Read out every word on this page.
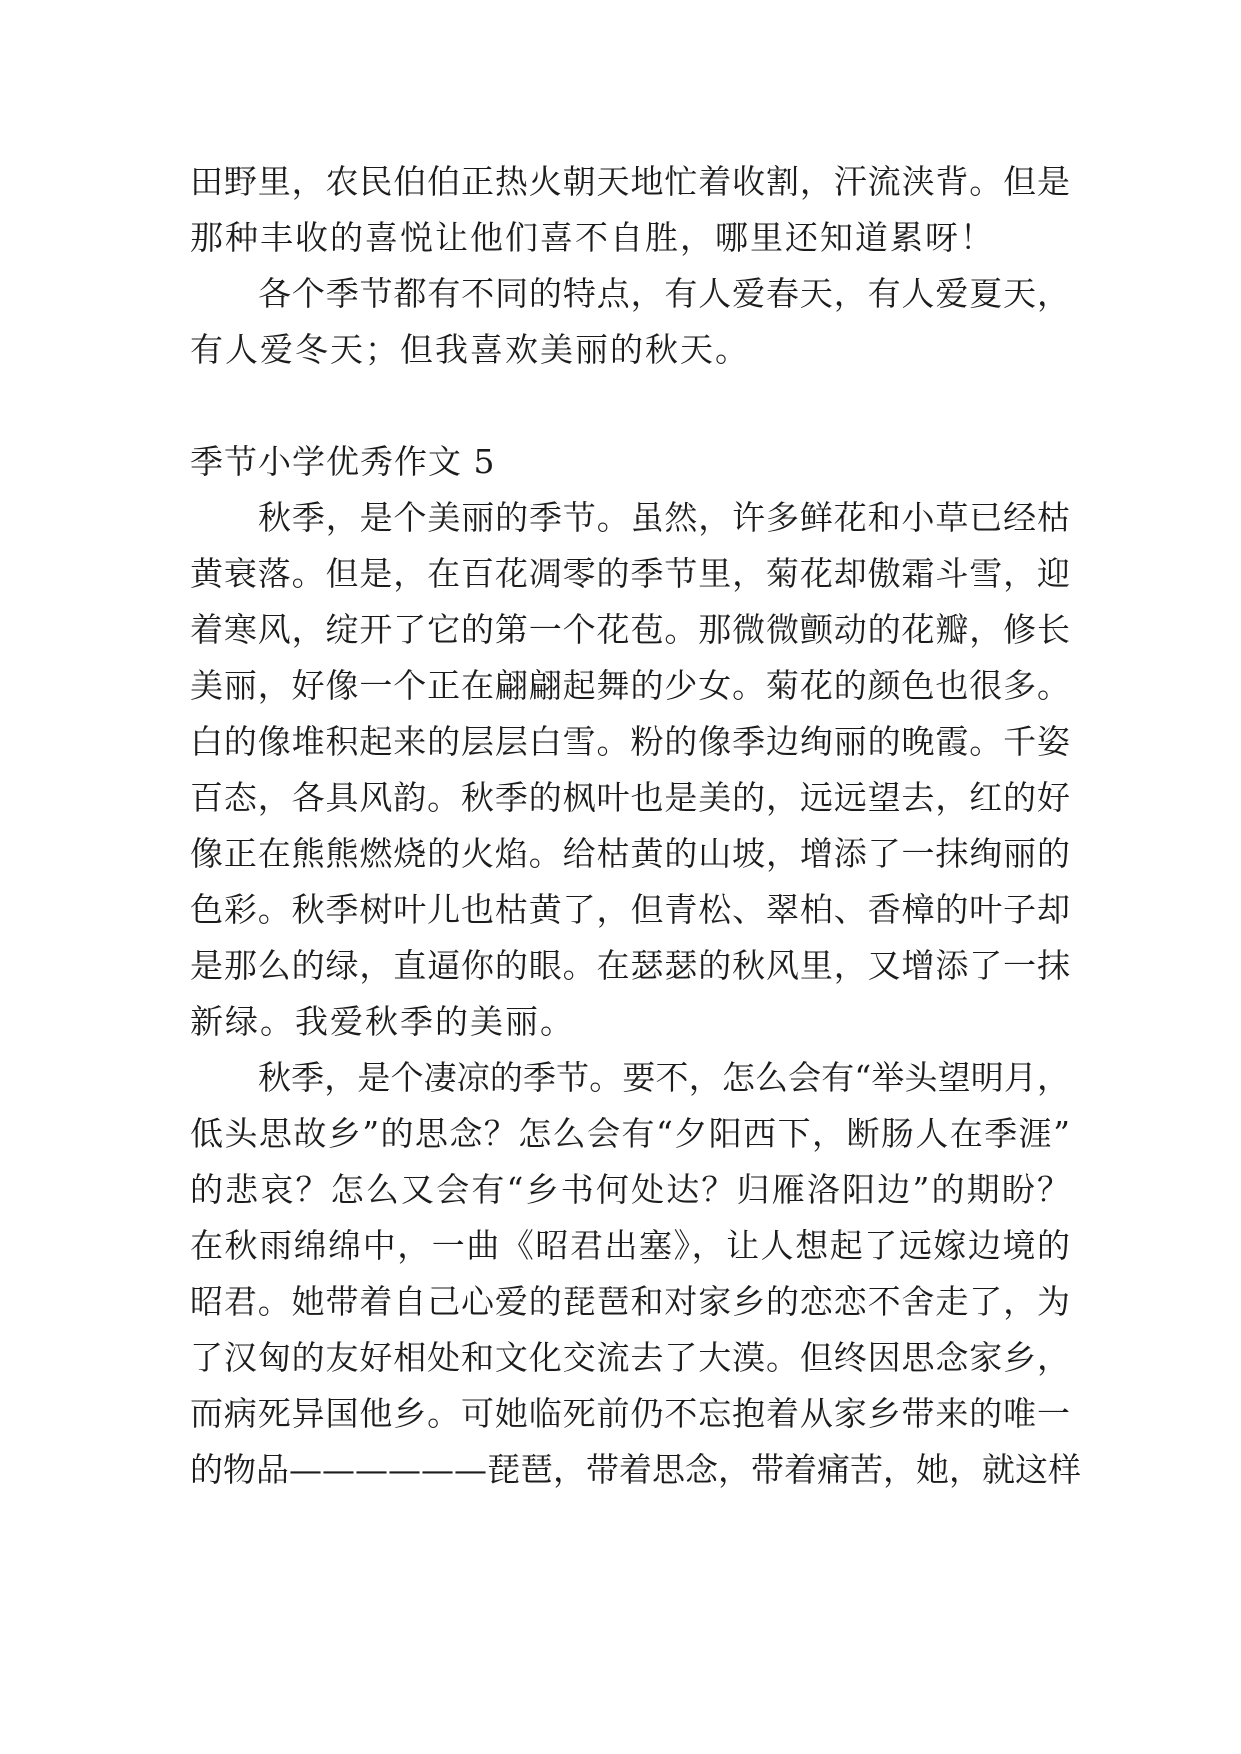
田野里，农民伯伯正热火朝天地忙着收割，汗流浃背。但是
那种丰收的喜悦让他们喜不自胜，哪里还知道累呀！
各个季节都有不同的特点，有人爱春天，有人爱夏天，
有人爱冬天；但我喜欢美丽的秋天。
季节小学优秀作文 5
秋季，是个美丽的季节。虽然，许多鲜花和小草已经枯
黄衰落。但是，在百花凋零的季节里，菊花却傲霜斗雪，迎
着寒风，绽开了它的第一个花苞。那微微颤动的花瓣，修长
美丽，好像一个正在翩翩起舞的少女。菊花的颜色也很多。
白的像堆积起来的层层白雪。粉的像季边绚丽的晚霞。千姿
百态，各具风韵。秋季的枫叶也是美的，远远望去，红的好
像正在熊熊燃烧的火焰。给枯黄的山坡，增添了一抹绚丽的
色彩。秋季树叶儿也枯黄了，但青松、翠柏、香樟的叶子却
是那么的绿，直逼你的眼。在瑟瑟的秋风里，又增添了一抹
新绿。我爱秋季的美丽。
秋季，是个凄凉的季节。要不，怎么会有“举头望明月，
低头思故乡”的思念？怎么会有“夕阳西下，断肠人在季涯”
的悲哀？怎么又会有“乡书何处达？归雁洛阳边”的期盼？
在秋雨绵绵中，一曲《昭君出塞》，让人想起了远嫁边境的
昭君。她带着自己心爱的琵琶和对家乡的恋恋不舍走了，为
了汉匈的友好相处和文化交流去了大漠。但终因思念家乡，
而病死异国他乡。可她临死前仍不忘抱着从家乡带来的唯一
的物品——————琵琶，带着思念，带着痛苦，她，就这样
